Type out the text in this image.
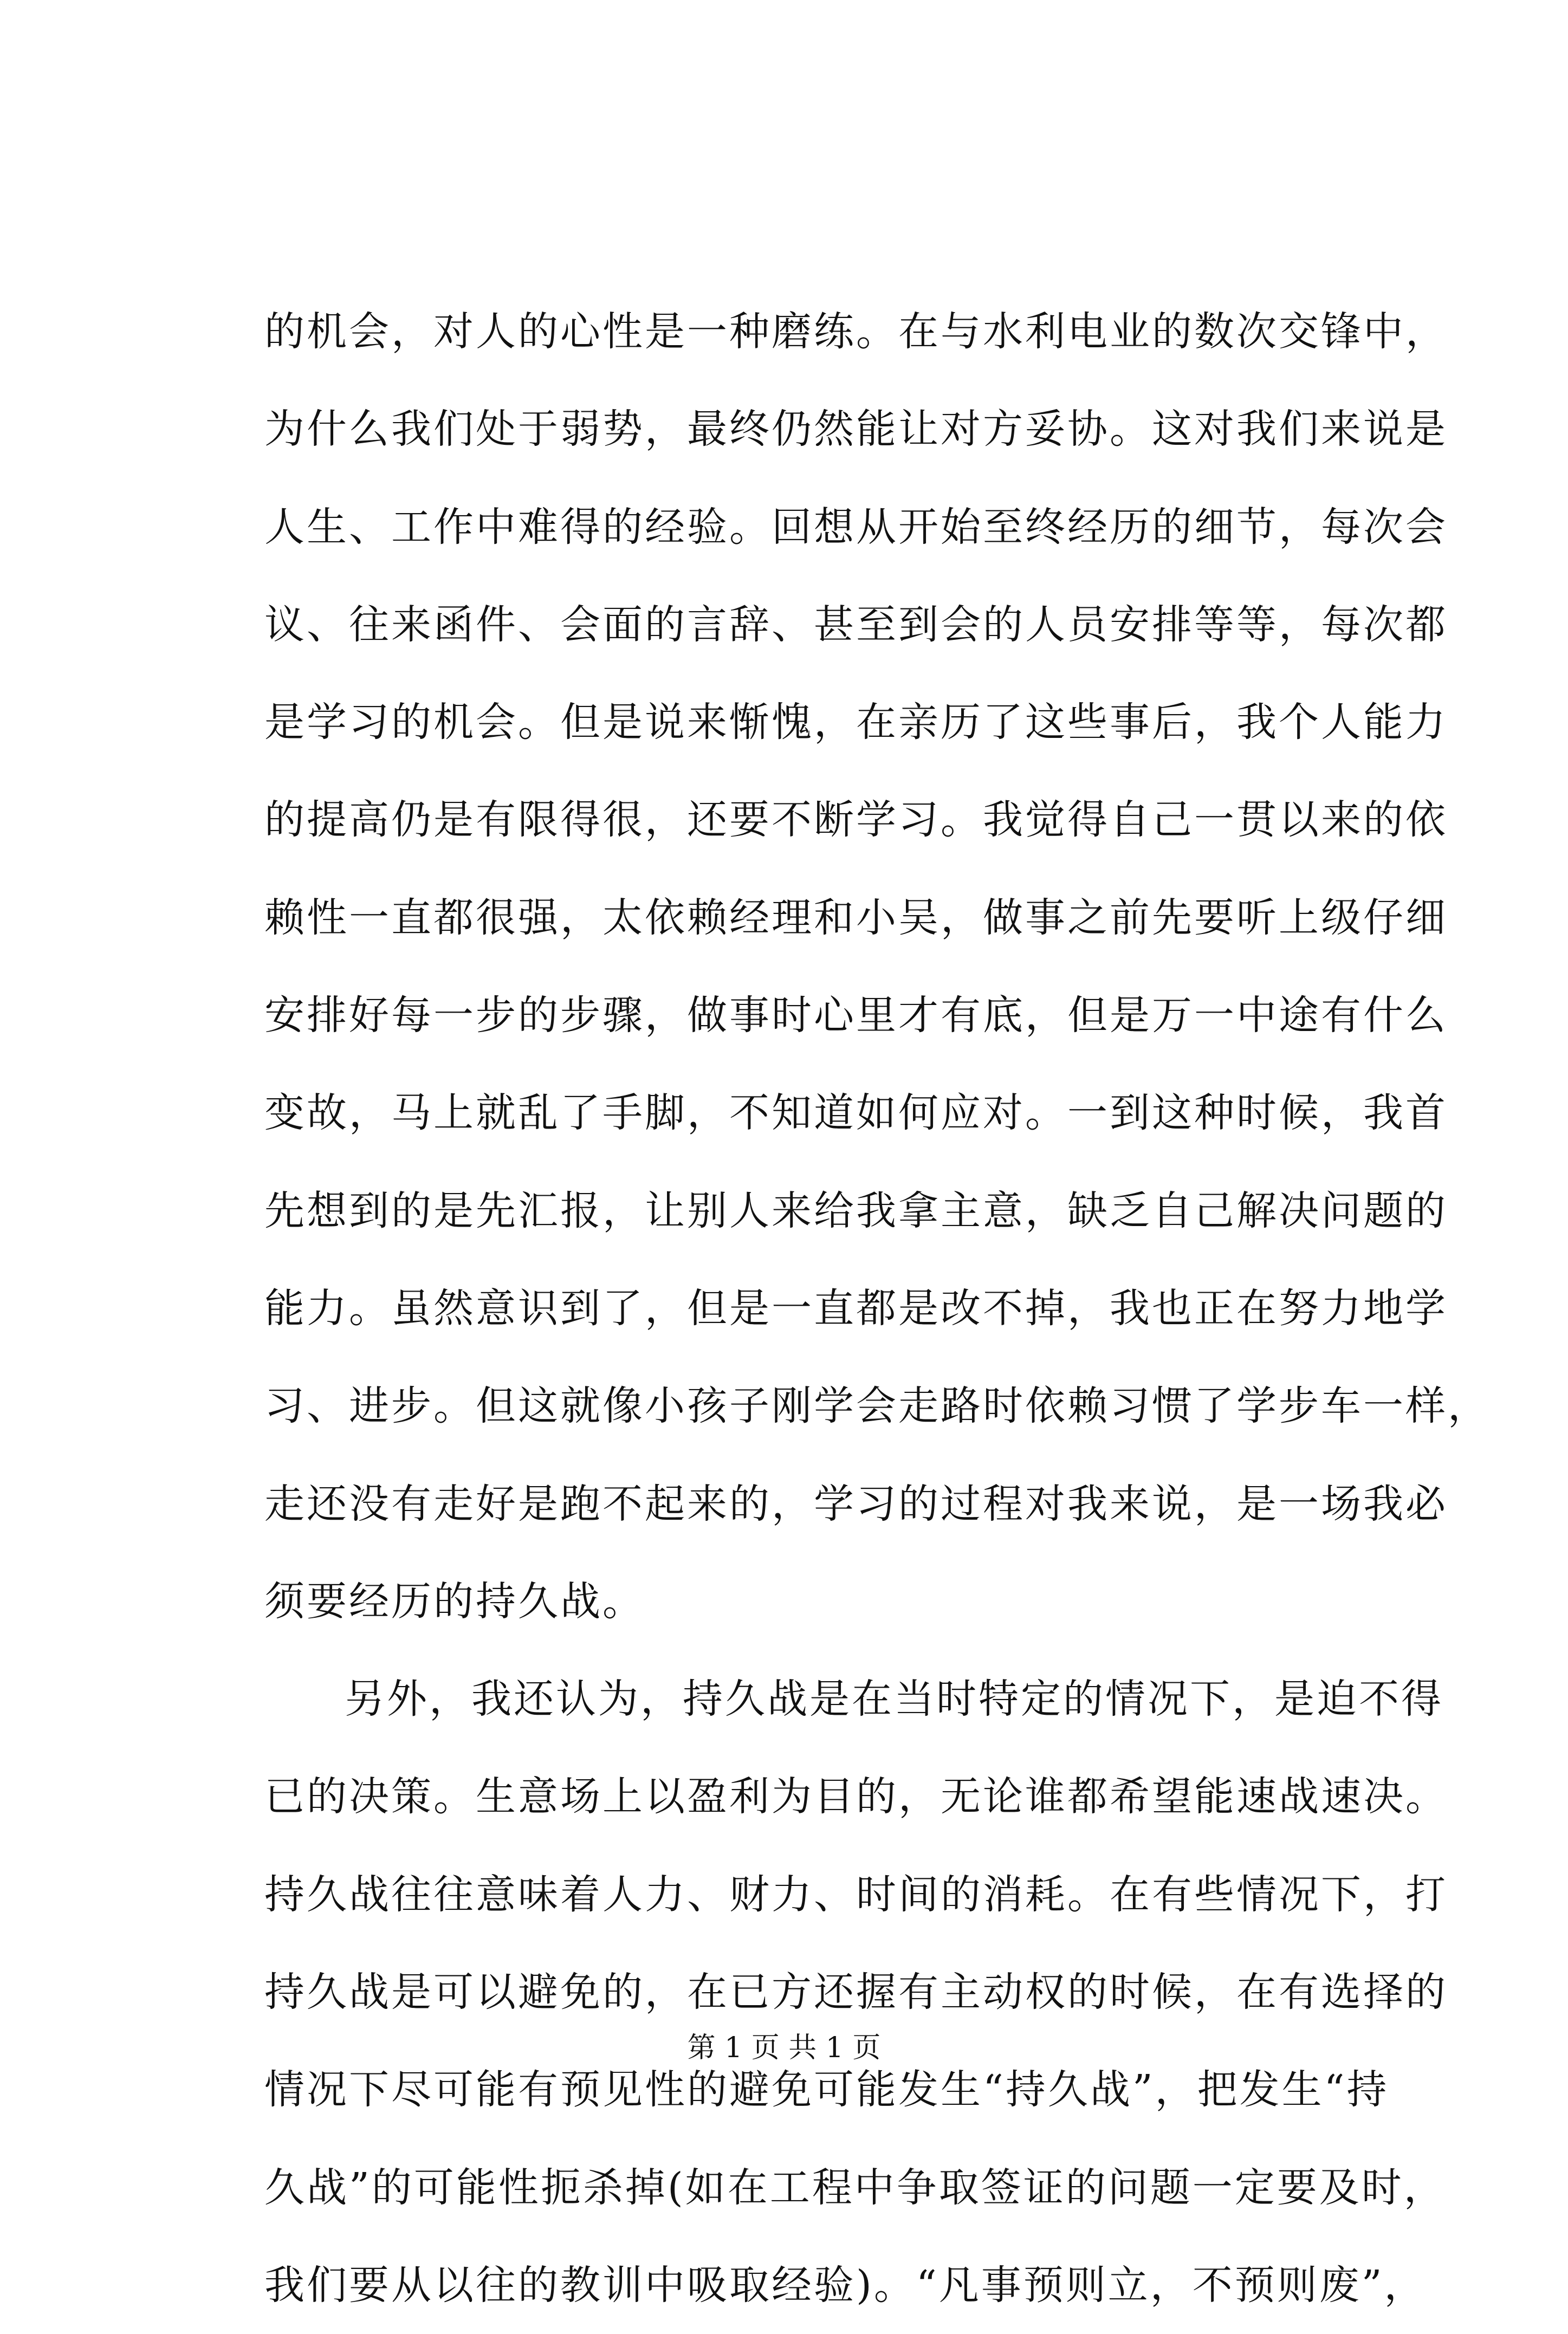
的机会，对人的心性是一种磨练。在与水利电业的数次交锋中，
为什么我们处于弱势，最终仍然能让对方妥协。这对我们来说是
人生、工作中难得的经验。回想从开始至终经历的细节，每次会
议、往来函件、会面的言辞、甚至到会的人员安排等等，每次都
是学习的机会。但是说来惭愧，在亲历了这些事后，我个人能力
的提高仍是有限得很，还要不断学习。我觉得自己一贯以来的依
赖性一直都很强，太依赖经理和小吴，做事之前先要听上级仔细
安排好每一步的步骤，做事时心里才有底，但是万一中途有什么
变故，马上就乱了手脚，不知道如何应对。一到这种时候，我首
先想到的是先汇报，让别人来给我拿主意，缺乏自己解决问题的
能力。虽然意识到了，但是一直都是改不掉，我也正在努力地学
习、进步。但这就像小孩子刚学会走路时依赖习惯了学步车一样，
走还没有走好是跑不起来的，学习的过程对我来说，是一场我必
须要经历的持久战。
另外，我还认为，持久战是在当时特定的情况下，是迫不得
已的决策。生意场上以盈利为目的，无论谁都希望能速战速决。
持久战往往意味着人力、财力、时间的消耗。在有些情况下，打
持久战是可以避免的，在已方还握有主动权的时候，在有选择的
情况下尽可能有预见性的避免可能发生“持久战”，把发生“持
久战”的可能性扼杀掉(如在工程中争取签证的问题一定要及时，
我们要从以往的教训中吸取经验)。“凡事预则立，不预则废”，
第 1 页 共 1 页
